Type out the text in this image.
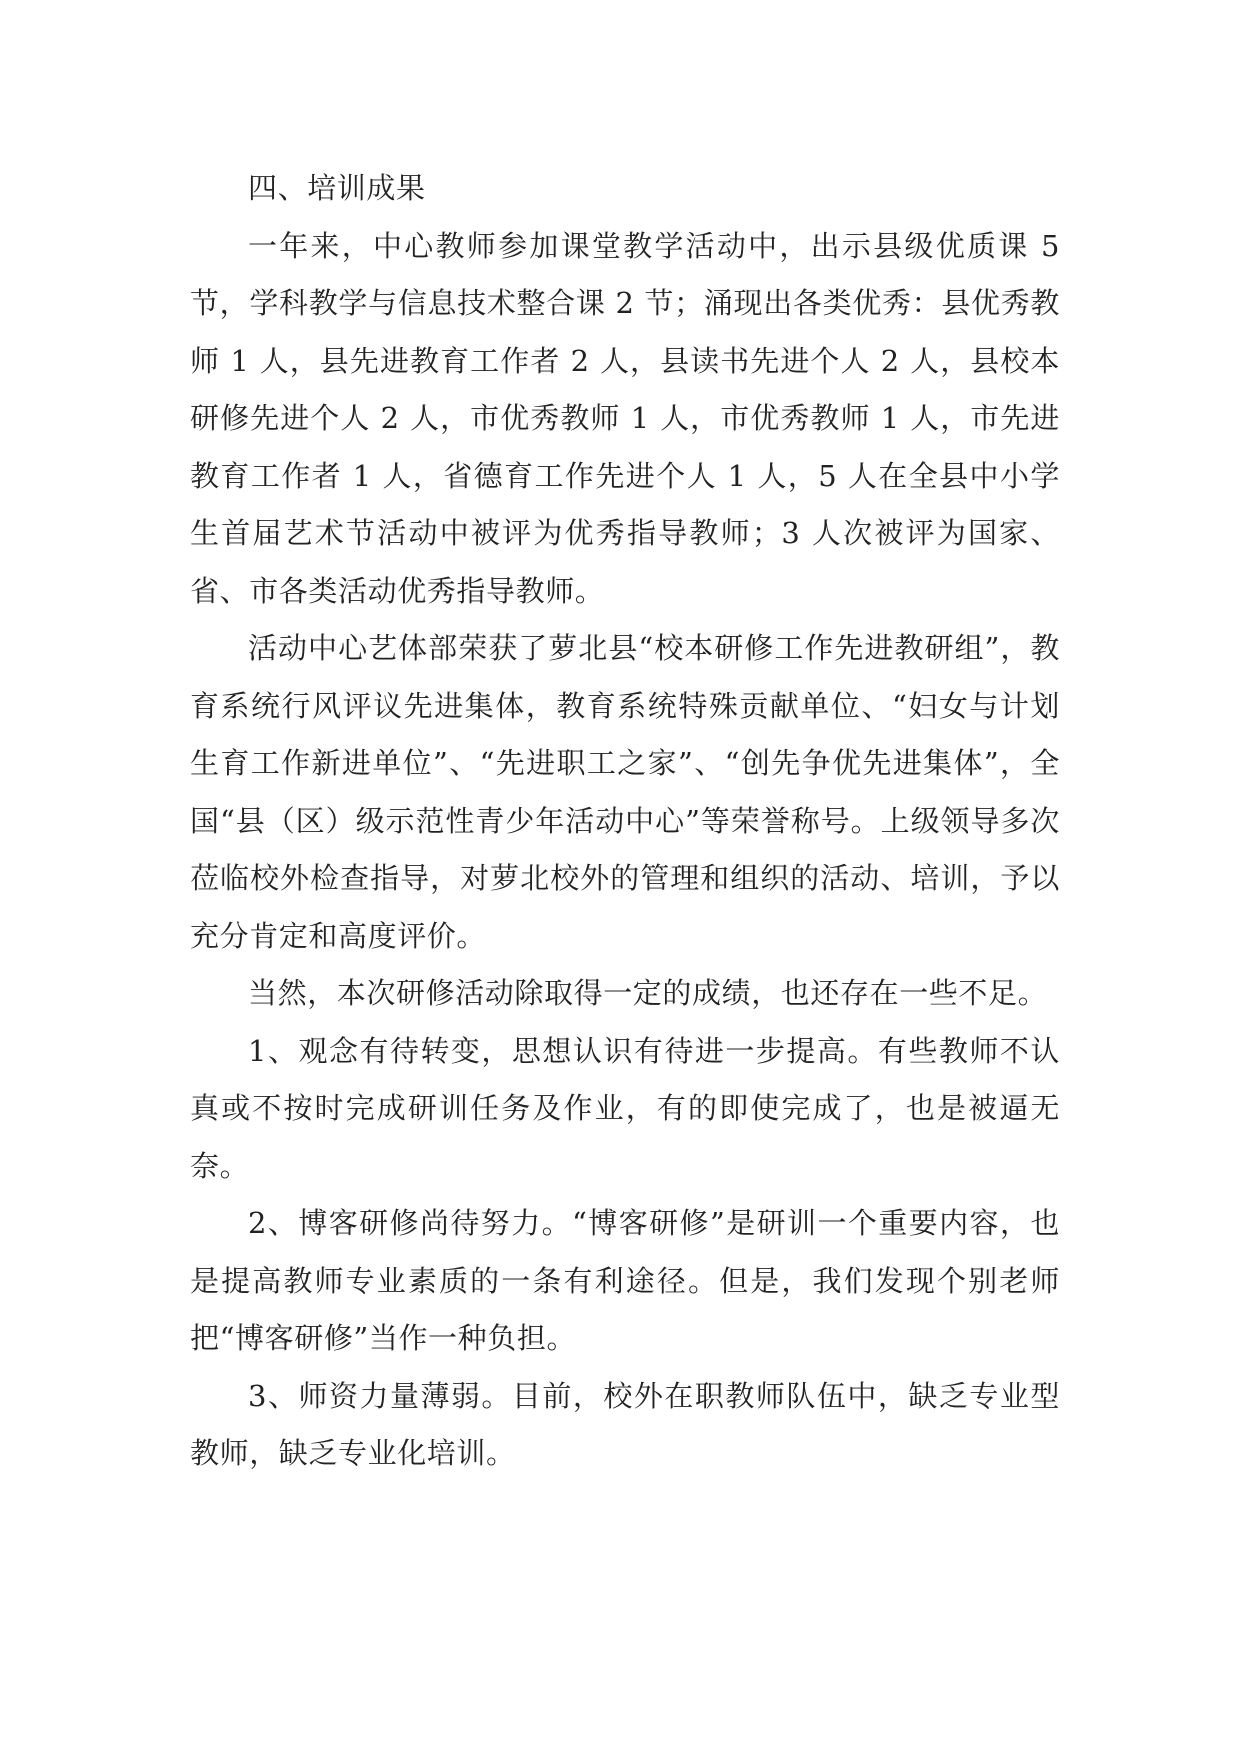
四、培训成果

一年来，中心教师参加课堂教学活动中，出示县级优质课 5 节，学科教学与信息技术整合课 2 节；涌现出各类优秀：县优秀教师 1 人，县先进教育工作者 2 人，县读书先进个人 2 人，县校本研修先进个人 2 人，市优秀教师 1 人，市优秀教师 1 人，市先进教育工作者 1 人，省德育工作先进个人 1 人，5 人在全县中小学生首届艺术节活动中被评为优秀指导教师；3 人次被评为国家、省、市各类活动优秀指导教师。

活动中心艺体部荣获了萝北县“校本研修工作先进教研组”，教育系统行风评议先进集体，教育系统特殊贡献单位、“妇女与计划生育工作新进单位”、“先进职工之家”、“创先争优先进集体”，全国“县（区）级示范性青少年活动中心”等荣誉称号。上级领导多次莅临校外检查指导，对萝北校外的管理和组织的活动、培训，予以充分肯定和高度评价。

当然，本次研修活动除取得一定的成绩，也还存在一些不足。

1、观念有待转变，思想认识有待进一步提高。有些教师不认真或不按时完成研训任务及作业，有的即使完成了，也是被逼无奈。

2、博客研修尚待努力。“博客研修”是研训一个重要内容，也是提高教师专业素质的一条有利途径。但是，我们发现个别老师把“博客研修”当作一种负担。

3、师资力量薄弱。目前，校外在职教师队伍中，缺乏专业型教师，缺乏专业化培训。
